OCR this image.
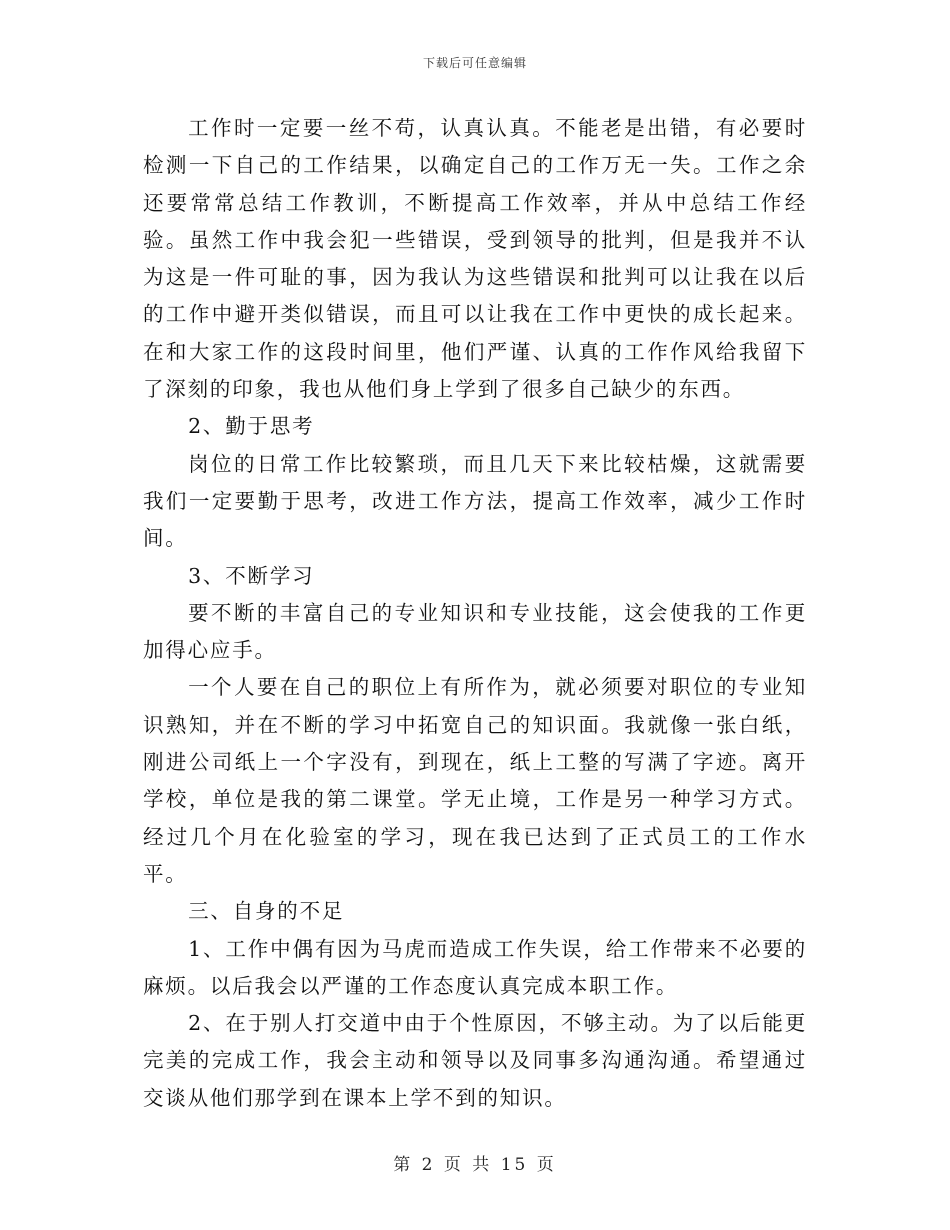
下载后可任意编辑

工作时一定要一丝不苟，认真认真。不能老是出错，有必要时检测一下自己的工作结果，以确定自己的工作万无一失。工作之余还要常常总结工作教训，不断提高工作效率，并从中总结工作经验。虽然工作中我会犯一些错误，受到领导的批判，但是我并不认为这是一件可耻的事，因为我认为这些错误和批判可以让我在以后的工作中避开类似错误，而且可以让我在工作中更快的成长起来。在和大家工作的这段时间里，他们严谨、认真的工作作风给我留下了深刻的印象，我也从他们身上学到了很多自己缺少的东西。

2、勤于思考

岗位的日常工作比较繁琐，而且几天下来比较枯燥，这就需要我们一定要勤于思考，改进工作方法，提高工作效率，减少工作时间。

3、不断学习

要不断的丰富自己的专业知识和专业技能，这会使我的工作更加得心应手。

一个人要在自己的职位上有所作为，就必须要对职位的专业知识熟知，并在不断的学习中拓宽自己的知识面。我就像一张白纸，刚进公司纸上一个字没有，到现在，纸上工整的写满了字迹。离开学校，单位是我的第二课堂。学无止境，工作是另一种学习方式。经过几个月在化验室的学习，现在我已达到了正式员工的工作水平。

三、自身的不足

1、工作中偶有因为马虎而造成工作失误，给工作带来不必要的麻烦。以后我会以严谨的工作态度认真完成本职工作。

2、在于别人打交道中由于个性原因，不够主动。为了以后能更完美的完成工作，我会主动和领导以及同事多沟通沟通。希望通过交谈从他们那学到在课本上学不到的知识。

第 2 页 共 15 页
